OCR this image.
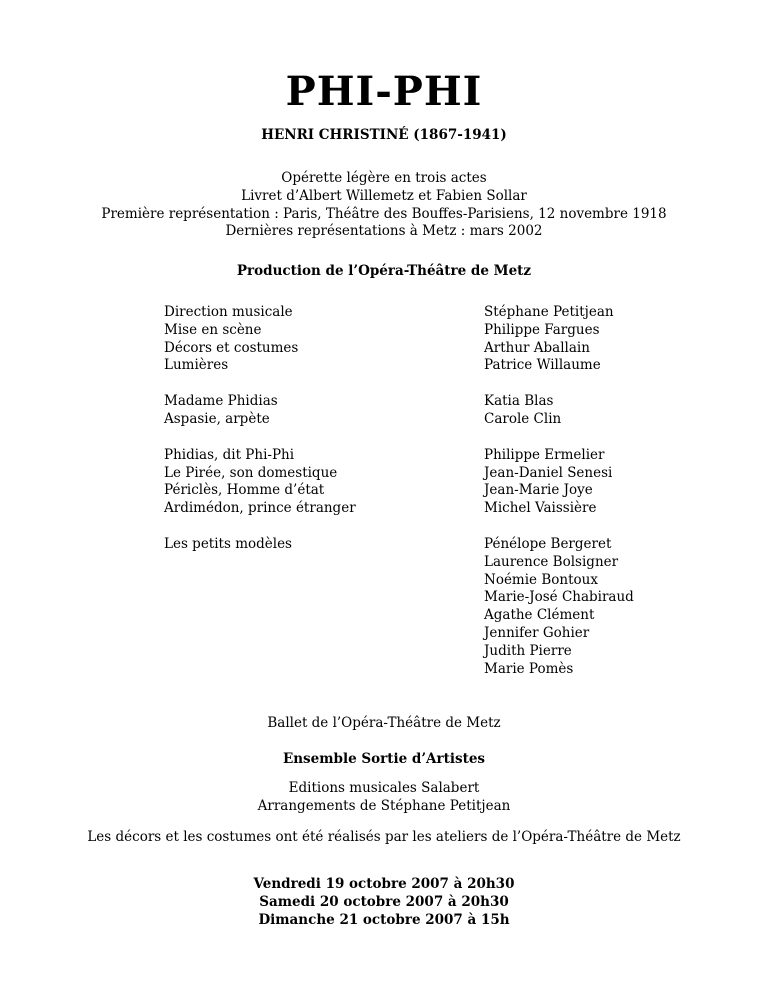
PHI-PHI
HENRI CHRISTINÉ (1867-1941)
Opérette légère en trois actes
Livret d’Albert Willemetz et Fabien Sollar
Première représentation : Paris, Théâtre des Bouffes-Parisiens, 12 novembre 1918
Dernières représentations à Metz : mars 2002
Production de l’Opéra-Théâtre de Metz
Direction musicale
Mise en scène
Décors et costumes
Lumières
Stéphane Petitjean
Philippe Fargues
Arthur Aballain
Patrice Willaume
Madame Phidias
Aspasie, arpète
Katia Blas
Carole Clin
Phidias, dit Phi-Phi
Le Pirée, son domestique
Périclès, Homme d’état
Ardimédon, prince étranger
Philippe Ermelier
Jean-Daniel Senesi
Jean-Marie Joye
Michel Vaissière
Les petits modèles	Pénélope Bergeret
Laurence Bolsigner
Noémie Bontoux
Marie-José Chabiraud
Agathe Clément
Jennifer Gohier
Judith Pierre
Marie Pomès
Ballet de l’Opéra-Théâtre de Metz
Ensemble Sortie d’Artistes
Editions musicales Salabert
Arrangements de Stéphane Petitjean
Les décors et les costumes ont été réalisés par les ateliers de l’Opéra-Théâtre de Metz
Vendredi 19 octobre 2007 à 20h30
Samedi 20 octobre 2007 à 20h30
Dimanche 21 octobre 2007 à 15h
